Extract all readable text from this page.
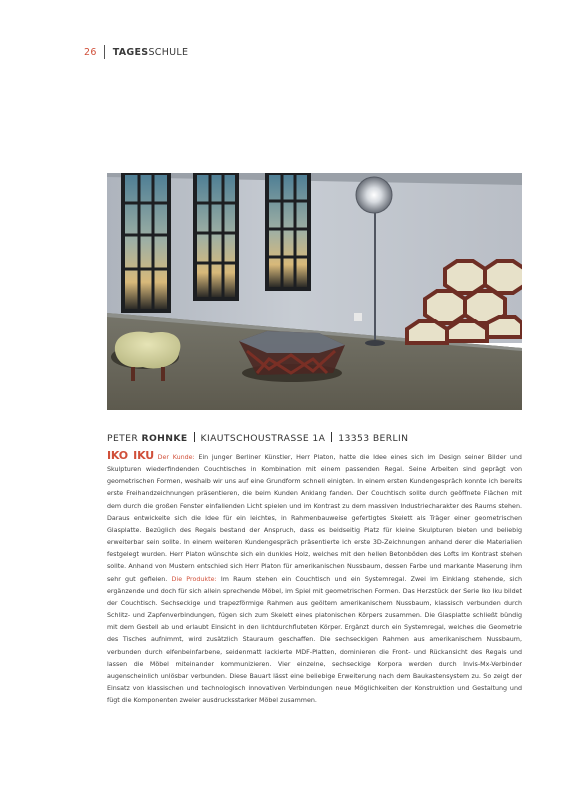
26 TAGESSCHULE
PETER ROHNKE KIAUTSCHOUSTRASSE 1A 13353 BERLIN
IKO IKU Der Kunde: Ein junger Berliner Künstler, Herr Platon, hatte die Idee eines sich im Design seiner Bilder und Skulpturen wiederfindenden Couchtisches in Kombination mit einem passenden Regal. Seine Arbeiten sind geprägt von geometrischen Formen, weshalb wir uns auf eine Grundform schnell einigten. In einem ersten Kundengespräch konnte ich bereits erste Freihandzeichnungen präsentieren, die beim Kunden Anklang fanden. Der Couchtisch sollte durch geöffnete Flächen mit dem durch die großen Fenster einfallenden Licht spielen und im Kontrast zu dem massiven Industriecharakter des Raums stehen. Daraus entwickelte sich die Idee für ein leichtes, in Rahmenbauweise gefertigtes Skelett als Träger einer geometrischen Glasplatte. Bezüglich des Regals bestand der Anspruch, dass es beidseitig Platz für kleine Skulpturen bieten und beliebig erweiterbar sein sollte. In einem weiteren Kundengespräch präsentierte ich erste 3D-Zeichnungen anhand derer die Materialien festgelegt wurden. Herr Platon wünschte sich ein dunkles Holz, welches mit den hellen Betonböden des Lofts im Kontrast stehen sollte. Anhand von Mustern entschied sich Herr Platon für amerikanischen Nussbaum, dessen Farbe und markante Maserung ihm sehr gut gefielen. Die Produkte: Im Raum stehen ein Couchtisch und ein Systemregal. Zwei im Einklang stehende, sich ergänzende und doch für sich allein sprechende Möbel, im Spiel mit geometrischen Formen. Das Herzstück der Serie Iko Iku bildet der Couchtisch. Sechseckige und trapezförmige Rahmen aus geöltem amerikanischem Nussbaum, klassisch verbunden durch Schlitz- und Zapfenverbindungen, fügen sich zum Skelett eines platonischen Körpers zusammen. Die Glasplatte schließt bündig mit dem Gestell ab und erlaubt Einsicht in den lichtdurchfluteten Körper. Ergänzt durch ein Systemregal, welches die Geometrie des Tisches aufnimmt, wird zusätzlich Stauraum geschaffen. Die sechseckigen Rahmen aus amerikanischem Nussbaum, verbunden durch elfenbeinfarbene, seidenmatt lackierte MDF-Platten, dominieren die Front- und Rückansicht des Regals und lassen die Möbel miteinander kommunizieren. Vier einzelne, sechseckige Korpora werden durch Invis-Mx-Verbinder augenscheinlich unlösbar verbunden. Diese Bauart lässt eine beliebige Erweiterung nach dem Baukastensystem zu. So zeigt der Einsatz von klassischen und technologisch innovativen Verbindungen neue Möglichkeiten der Konstruktion und Gestaltung und fügt die Komponenten zweier ausdrucksstarker Möbel zusammen.
